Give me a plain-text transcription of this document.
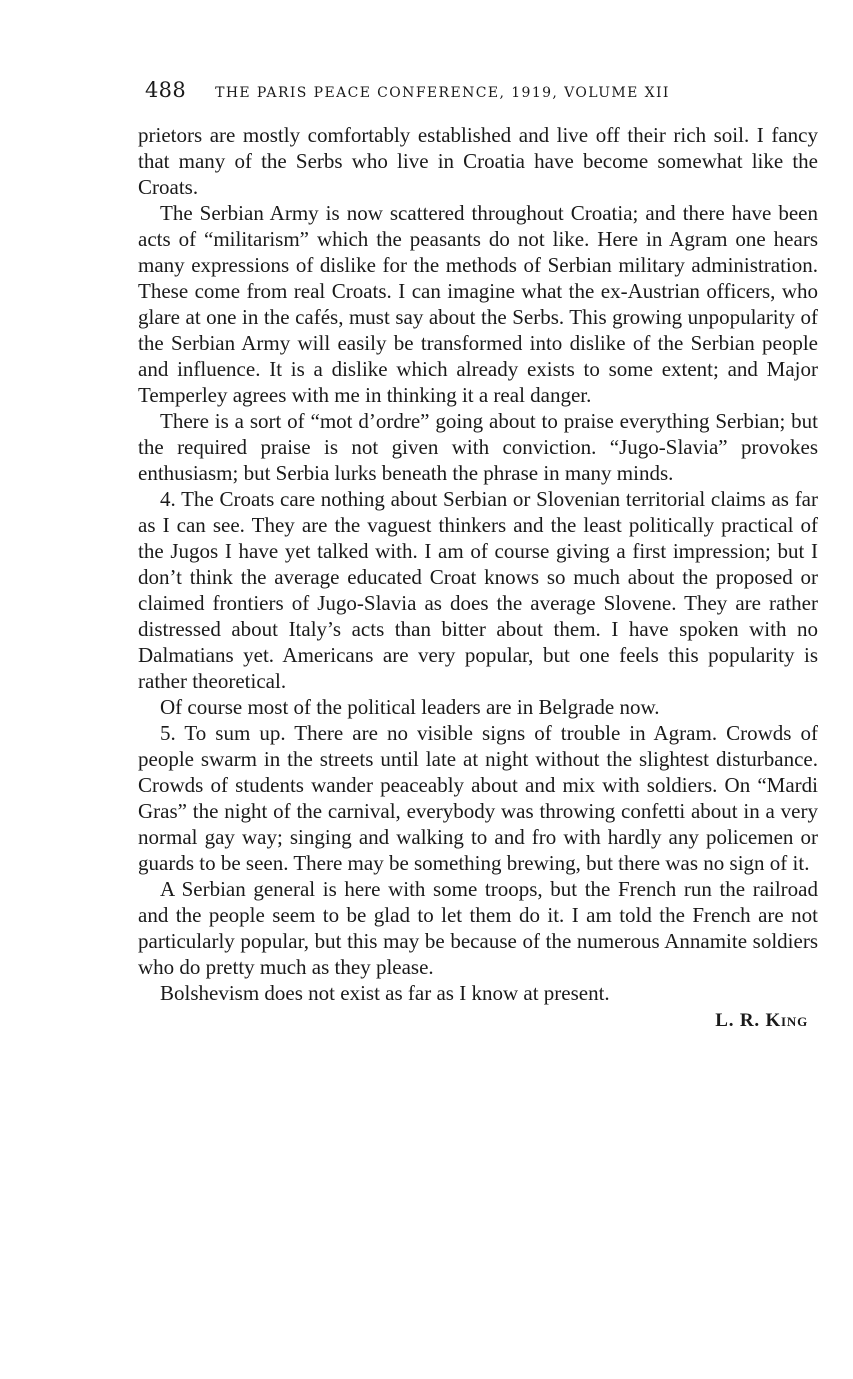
488 THE PARIS PEACE CONFERENCE, 1919, VOLUME XII

prietors are mostly comfortably established and live off their rich soil. I fancy that many of the Serbs who live in Croatia have become somewhat like the Croats.

The Serbian Army is now scattered throughout Croatia; and there have been acts of “militarism” which the peasants do not like. Here in Agram one hears many expressions of dislike for the methods of Serbian military administration. These come from real Croats. I can imagine what the ex-Austrian officers, who glare at one in the cafés, must say about the Serbs. This growing unpopularity of the Serbian Army will easily be transformed into dislike of the Serbian people and influence. It is a dislike which already exists to some extent; and Major Temperley agrees with me in thinking it a real danger.

There is a sort of “mot d’ordre” going about to praise everything Serbian; but the required praise is not given with conviction. “Jugo-Slavia” provokes enthusiasm; but Serbia lurks beneath the phrase in many minds.

4. The Croats care nothing about Serbian or Slovenian territorial claims as far as I can see. They are the vaguest thinkers and the least politically practical of the Jugos I have yet talked with. I am of course giving a first impression; but I don’t think the average educated Croat knows so much about the proposed or claimed frontiers of Jugo-Slavia as does the average Slovene. They are rather distressed about Italy’s acts than bitter about them. I have spoken with no Dalmatians yet. Americans are very popular, but one feels this popularity is rather theoretical.

Of course most of the political leaders are in Belgrade now.

5. To sum up. There are no visible signs of trouble in Agram. Crowds of people swarm in the streets until late at night without the slightest disturbance. Crowds of students wander peaceably about and mix with soldiers. On “Mardi Gras” the night of the carnival, everybody was throwing confetti about in a very normal gay way; singing and walking to and fro with hardly any policemen or guards to be seen. There may be something brewing, but there was no sign of it.

A Serbian general is here with some troops, but the French run the railroad and the people seem to be glad to let them do it. I am told the French are not particularly popular, but this may be because of the numerous Annamite soldiers who do pretty much as they please.

Bolshevism does not exist as far as I know at present.

L. R. King
